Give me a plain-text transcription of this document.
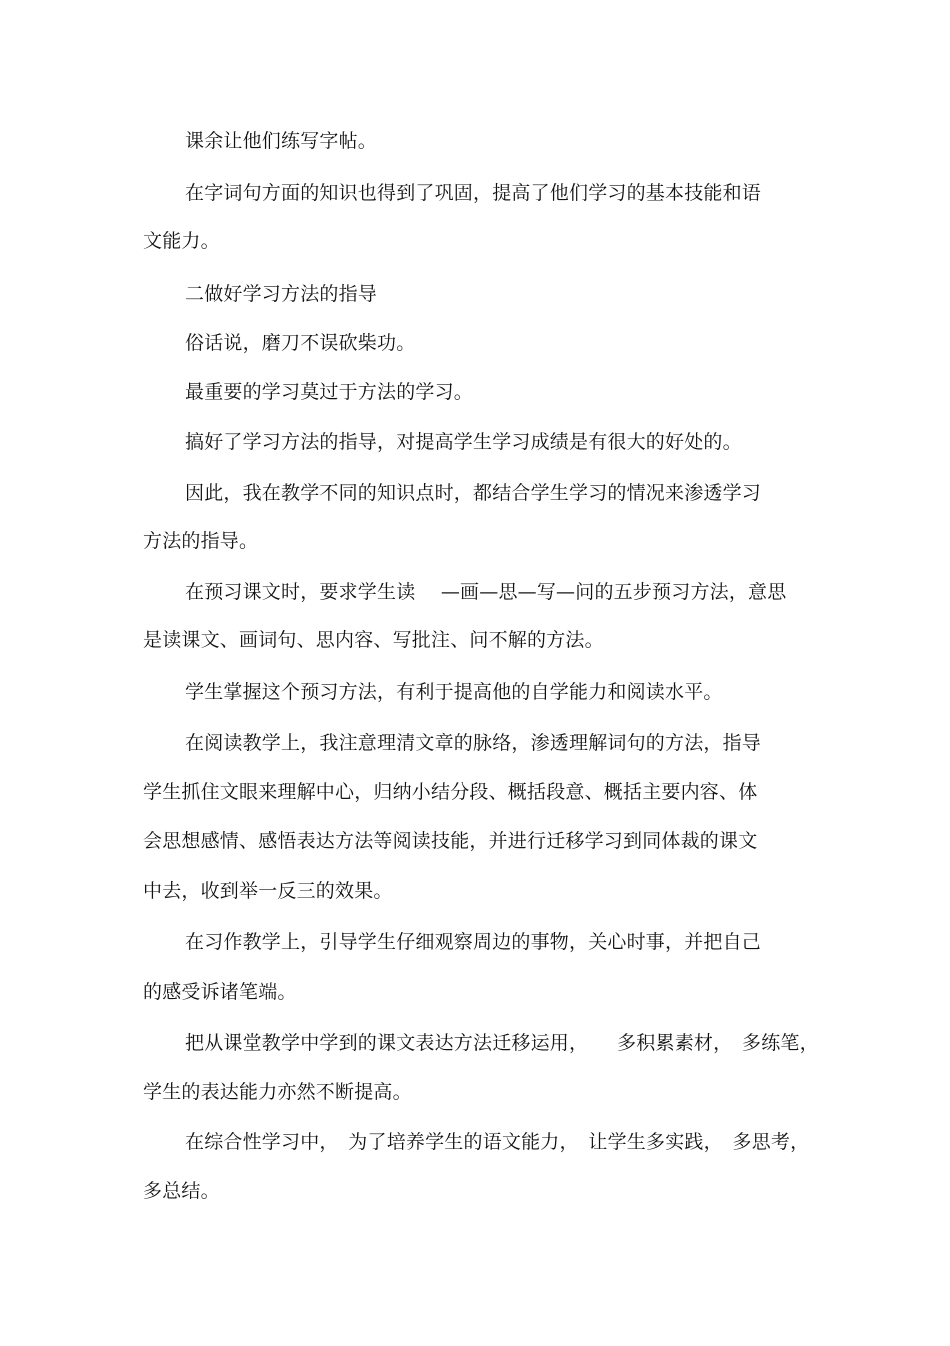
课余让他们练写字帖。
在字词句方面的知识也得到了巩固，提高了他们学习的基本技能和语
文能力。
二做好学习方法的指导
俗话说，磨刀不误砍柴功。
最重要的学习莫过于方法的学习。
搞好了学习方法的指导，对提高学生学习成绩是有很大的好处的。
因此，我在教学不同的知识点时，都结合学生学习的情况来渗透学习
方法的指导。
在预习课文时，要求学生读　 —画—思—写—问的五步预习方法，意思
是读课文、画词句、思内容、写批注、问不解的方法。
学生掌握这个预习方法，有利于提高他的自学能力和阅读水平。
在阅读教学上，我注意理清文章的脉络，渗透理解词句的方法，指导
学生抓住文眼来理解中心，归纳小结分段、概括段意、概括主要内容、体
会思想感情、感悟表达方法等阅读技能，并进行迁移学习到同体裁的课文
中去，收到举一反三的效果。
在习作教学上，引导学生仔细观察周边的事物，关心时事，并把自己
的感受诉诸笔端。
把从课堂教学中学到的课文表达方法迁移运用，　　多积累素材，　多练笔，
学生的表达能力亦然不断提高。
在综合性学习中，　为了培养学生的语文能力，　让学生多实践，　多思考，
多总结。
